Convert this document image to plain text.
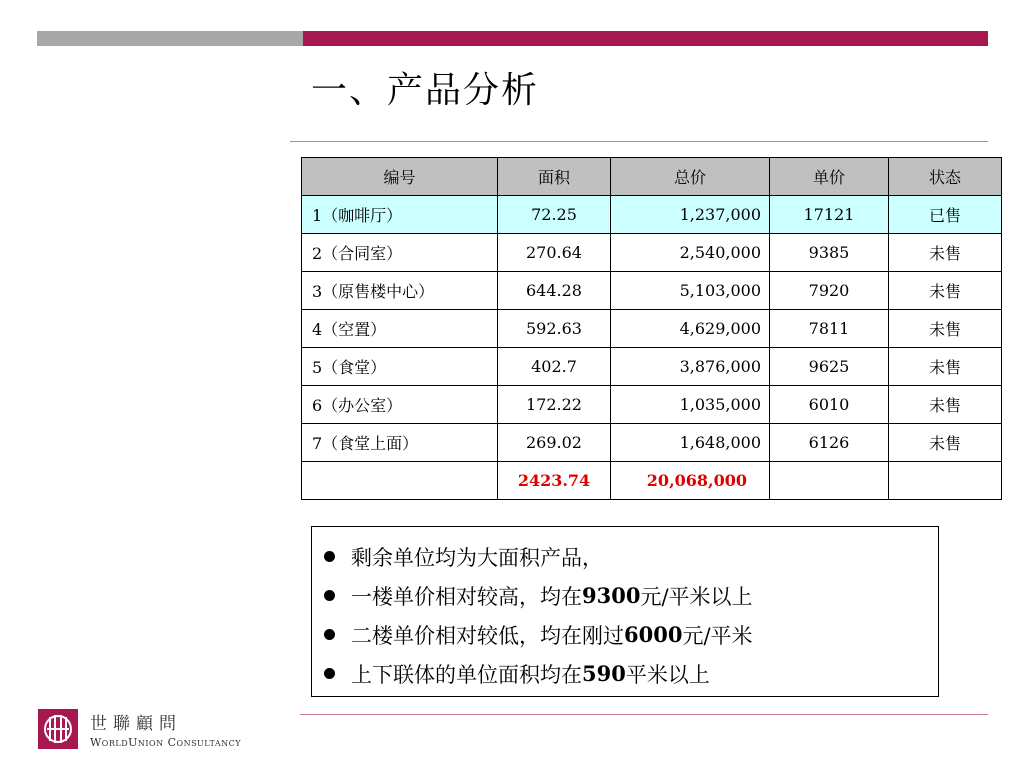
一、产品分析
编号	面积	总价	单价	状态
1（咖啡厅）	72.25	1,237,000	17121	已售
2（合同室）	270.64	2,540,000	9385	未售
3（原售楼中心）	644.28	5,103,000	7920	未售
4（空置）	592.63	4,629,000	7811	未售
5（食堂）	402.7	3,876,000	9625	未售
6（办公室）	172.22	1,035,000	6010	未售
7（食堂上面）	269.02	1,648,000	6126	未售
	2423.74	20,068,000		
剩余单位均为大面积产品，
一楼单价相对较高，均在 9300 元/平米以上
二楼单价相对较低，均在刚过 6000 元/平米
上下联体的单位面积均在 590 平米以上
世聯顧問
WorldUnion Consultancy
